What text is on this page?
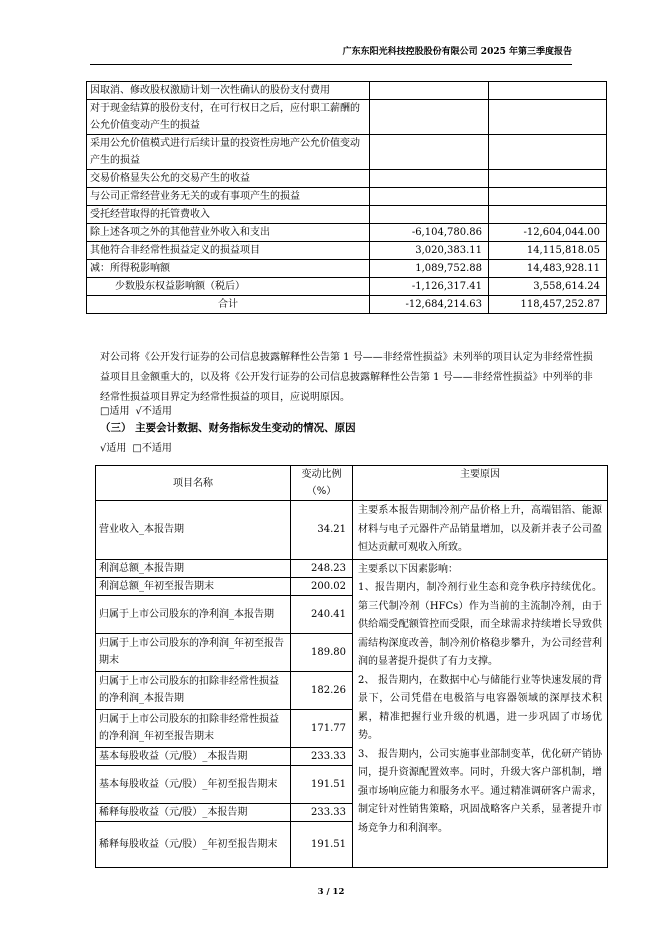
广东东阳光科技控股股份有限公司 2025 年第三季度报告
因取消、修改股权激励计划一次性确认的股份支付费用		
对于现金结算的股份支付，在可行权日之后，应付职工薪酬的公允价值变动产生的损益		
采用公允价值模式进行后续计量的投资性房地产公允价值变动产生的损益		
交易价格显失公允的交易产生的收益		
与公司正常经营业务无关的或有事项产生的损益		
受托经营取得的托管费收入		
除上述各项之外的其他营业外收入和支出	-6,104,780.86	-12,604,044.00
其他符合非经常性损益定义的损益项目	3,020,383.11	14,115,818.05
减：所得税影响额	1,089,752.88	14,483,928.11
少数股东权益影响额（税后）	-1,126,317.41	3,558,614.24
合计	-12,684,214.63	118,457,252.87
对公司将《公开发行证券的公司信息披露解释性公告第 1 号——非经常性损益》未列举的项目认定为非经常性损益项目且金额重大的，以及将《公开发行证券的公司信息披露解释性公告第 1 号——非经常性损益》中列举的非经常性损益项目界定为经常性损益的项目，应说明原因。
□适用 √不适用
（三） 主要会计数据、财务指标发生变动的情况、原因
√适用 □不适用
项目名称	变动比例（%）	主要原因
营业收入_本报告期	34.21	主要系本报告期制冷剂产品价格上升，高端铝箔、能源材料与电子元器件产品销量增加，以及新并表子公司盈恒达贡献可观收入所致。
利润总额_本报告期	248.23	主要系以下因素影响：

1、报告期内，制冷剂行业生态和竞争秩序持续优化。第三代制冷剂（HFCs）作为当前的主流制冷剂，由于供给端受配额管控而受限，而全球需求持续增长导致供需结构深度改善，制冷剂价格稳步攀升，为公司经营利润的显著提升提供了有力支撑。

2、 报告期内，在数据中心与储能行业等快速发展的背景下，公司凭借在电极箔与电容器领域的深厚技术积累，精准把握行业升级的机遇，进一步巩固了市场优势。

3、 报告期内，公司实施事业部制变革，优化研产销协同，提升资源配置效率。同时，升级大客户部机制，增强市场响应能力和服务水平。通过精准调研客户需求，制定针对性销售策略，巩固战略客户关系，显著提升市场竞争力和利润率。

利润总额_年初至报告期末	200.02	
归属于上市公司股东的净利润_本报告期	240.41	
归属于上市公司股东的净利润_年初至报告期末	189.80	
归属于上市公司股东的扣除非经常性损益的净利润_本报告期	182.26	
归属于上市公司股东的扣除非经常性损益的净利润_年初至报告期末	171.77	
基本每股收益（元/股）_本报告期	233.33	
基本每股收益（元/股）_年初至报告期末	191.51	
稀释每股收益（元/股）_本报告期	233.33	
稀释每股收益（元/股）_年初至报告期末	191.51	
3 / 12
